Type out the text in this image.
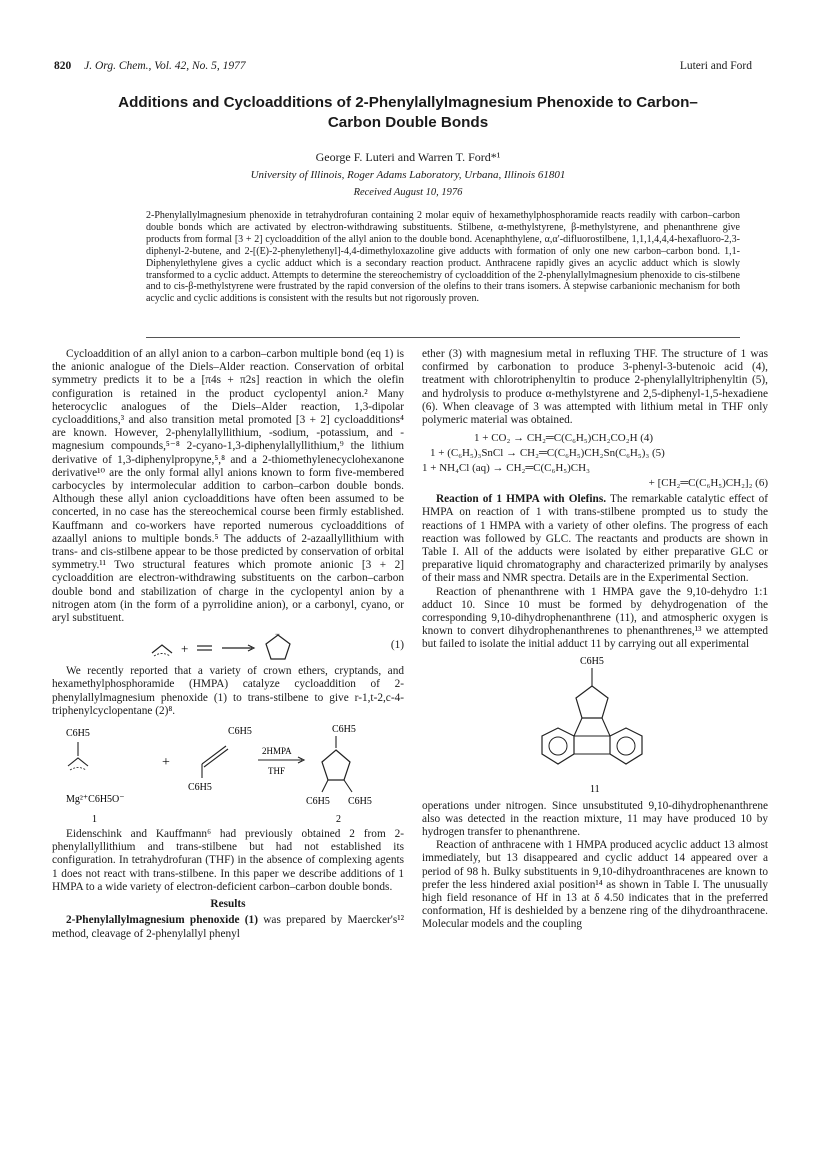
820 J. Org. Chem., Vol. 42, No. 5, 1977	Luteri and Ford
Additions and Cycloadditions of 2-Phenylallylmagnesium Phenoxide to Carbon–Carbon Double Bonds
George F. Luteri and Warren T. Ford*¹
University of Illinois, Roger Adams Laboratory, Urbana, Illinois 61801
Received August 10, 1976
2-Phenylallylmagnesium phenoxide in tetrahydrofuran containing 2 molar equiv of hexamethylphosphoramide reacts readily with carbon–carbon double bonds which are activated by electron-withdrawing substituents. Stilbene, α-methylstyrene, β-methylstyrene, and phenanthrene give products from formal [3 + 2] cycloaddition of the allyl anion to the double bond. Acenaphthylene, α,α′-difluorostilbene, 1,1,1,4,4,4-hexafluoro-2,3-diphenyl-2-butene, and 2-[(E)-2-phenylethenyl]-4,4-dimethyloxazoline give adducts with formation of only one new carbon–carbon bond. 1,1-Diphenylethylene gives a cyclic adduct which is a secondary reaction product. Anthracene rapidly gives an acyclic adduct which is slowly transformed to a cyclic adduct. Attempts to determine the stereochemistry of cycloaddition of the 2-phenylallylmagnesium phenoxide to cis-stilbene and to cis-β-methylstyrene were frustrated by the rapid conversion of the olefins to their trans isomers. A stepwise carbanionic mechanism for both acyclic and cyclic additions is consistent with the results but not rigorously proven.

Cycloaddition of an allyl anion to a carbon–carbon multiple bond (eq 1) is the anionic analogue of the Diels–Alder reaction. Conservation of orbital symmetry predicts it to be a [π4s + π2s] reaction in which the olefin configuration is retained in the product cyclopentyl anion.² Many heterocyclic analogues of the Diels–Alder reaction, 1,3-dipolar cycloadditions,³ and also transition metal promoted [3 + 2] cycloadditions⁴ are known. However, 2-phenylallyllithium, -sodium, -potassium, and -magnesium compounds,⁵⁻⁸ 2-cyano-1,3-diphenylallyllithium,⁹ the lithium derivative of 1,3-diphenylpropyne,⁵,⁸ and a 2-thiomethylenecyclohexanone derivative¹⁰ are the only formal allyl anions known to form five-membered carbocycles by intermolecular addition to carbon–carbon double bonds. Although these allyl anion cycloadditions have often been assumed to be concerted, in no case has the stereochemical course been firmly established. Kauffmann and co-workers have reported numerous cycloadditions of azaallyl anions to multiple bonds.⁵ The adducts of 2-azaallyllithium with trans- and cis-stilbene appear to be those predicted by conservation of orbital symmetry.¹¹ Two structural features which promote anionic [3 + 2] cycloaddition are electron-withdrawing substituents on the carbon–carbon double bond and stabilization of charge in the cyclopentyl anion by a nitrogen atom (in the form of a pyrrolidine anion), or a carbonyl, cyano, or aryl substituent.

+
−
(1)

We recently reported that a variety of crown ethers, cryptands, and hexamethylphosphoramide (HMPA) catalyze cycloaddition of 2-phenylallylmagnesium phenoxide (1) to trans-stilbene to give r-1,t-2,c-4-triphenylcyclopentane (2)⁸.

C6H5
Mg²⁺C6H5O⁻
1
+
C6H5
C6H5
2HMPA
THF
C6H5
C6H5 C6H5
2

Eidenschink and Kauffmann⁶ had previously obtained 2 from 2-phenylallyllithium and trans-stilbene but had not established its configuration. In tetrahydrofuran (THF) in the absence of complexing agents 1 does not react with trans-stilbene. In this paper we describe additions of 1 HMPA to a wide variety of electron-deficient carbon–carbon double bonds.

Results

2-Phenylallylmagnesium phenoxide (1) was prepared by Maercker's¹² method, cleavage of 2-phenylallyl phenyl

ether (3) with magnesium metal in refluxing THF. The structure of 1 was confirmed by carbonation to produce 3-phenyl-3-butenoic acid (4), treatment with chlorotriphenyltin to produce 2-phenylallyltriphenyltin (5), and hydrolysis to produce α-methylstyrene and 2,5-diphenyl-1,5-hexadiene (6). When cleavage of 3 was attempted with lithium metal in THF only polymeric material was obtained.

1 + CO₂ → CH₂═C(C₆H₅)CH₂CO₂H (4)
1 + (C₆H₅)₃SnCl → CH₂═C(C₆H₅)CH₂Sn(C₆H₅)₃ (5)
1 + NH₄Cl (aq) → CH₂═C(C₆H₅)CH₃
+ [CH₂═C(C₆H₅)CH₂]₂ (6)

Reaction of 1 HMPA with Olefins. The remarkable catalytic effect of HMPA on reaction of 1 with trans-stilbene prompted us to study the reactions of 1 HMPA with a variety of other olefins. The progress of each reaction was followed by GLC. The reactants and products are shown in Table I. All of the adducts were isolated by either preparative GLC or preparative liquid chromatography and characterized primarily by analyses of their mass and NMR spectra. Details are in the Experimental Section.

Reaction of phenanthrene with 1 HMPA gave the 9,10-dehydro 1:1 adduct 10. Since 10 must be formed by dehydrogenation of the corresponding 9,10-dihydrophenanthrene (11), and atmospheric oxygen is known to convert dihydrophenanthrenes to phenanthrenes,¹³ we attempted but failed to isolate the initial adduct 11 by carrying out all experimental

C6H5
11

operations under nitrogen. Since unsubstituted 9,10-dihydrophenanthrene also was detected in the reaction mixture, 11 may have produced 10 by hydrogen transfer to phenanthrene.

Reaction of anthracene with 1 HMPA produced acyclic adduct 13 almost immediately, but 13 disappeared and cyclic adduct 14 appeared over a period of 98 h. Bulky substituents in 9,10-dihydroanthracenes are known to prefer the less hindered axial position¹⁴ as shown in Table I. The unusually high field resonance of Hf in 13 at δ 4.50 indicates that in the preferred conformation, Hf is deshielded by a benzene ring of the dihydroanthracene. Molecular models and the coupling
